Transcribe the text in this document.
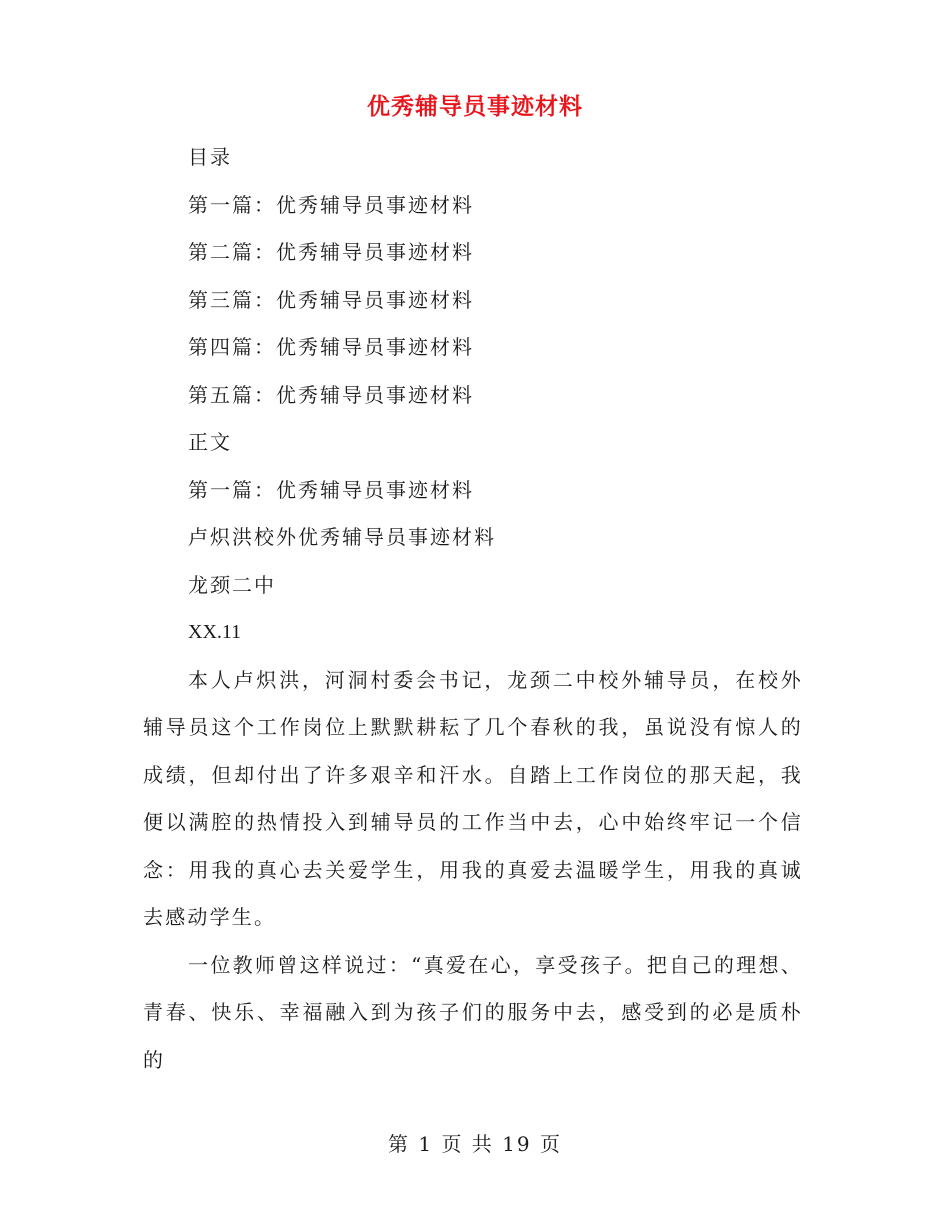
优秀辅导员事迹材料
目录
第一篇：优秀辅导员事迹材料
第二篇：优秀辅导员事迹材料
第三篇：优秀辅导员事迹材料
第四篇：优秀辅导员事迹材料
第五篇：优秀辅导员事迹材料
正文
第一篇：优秀辅导员事迹材料
卢炽洪校外优秀辅导员事迹材料
龙颈二中
XX.11

本人卢炽洪，河洞村委会书记，龙颈二中校外辅导员，在校外辅导员这个工作岗位上默默耕耘了几个春秋的我，虽说没有惊人的成绩，但却付出了许多艰辛和汗水。自踏上工作岗位的那天起，我便以满腔的热情投入到辅导员的工作当中去，心中始终牢记一个信念：用我的真心去关爱学生，用我的真爱去温暖学生，用我的真诚去感动学生。

一位教师曾这样说过：“真爱在心，享受孩子。把自己的理想、青春、快乐、幸福融入到为孩子们的服务中去，感受到的必是质朴的

第 1 页 共 19 页
